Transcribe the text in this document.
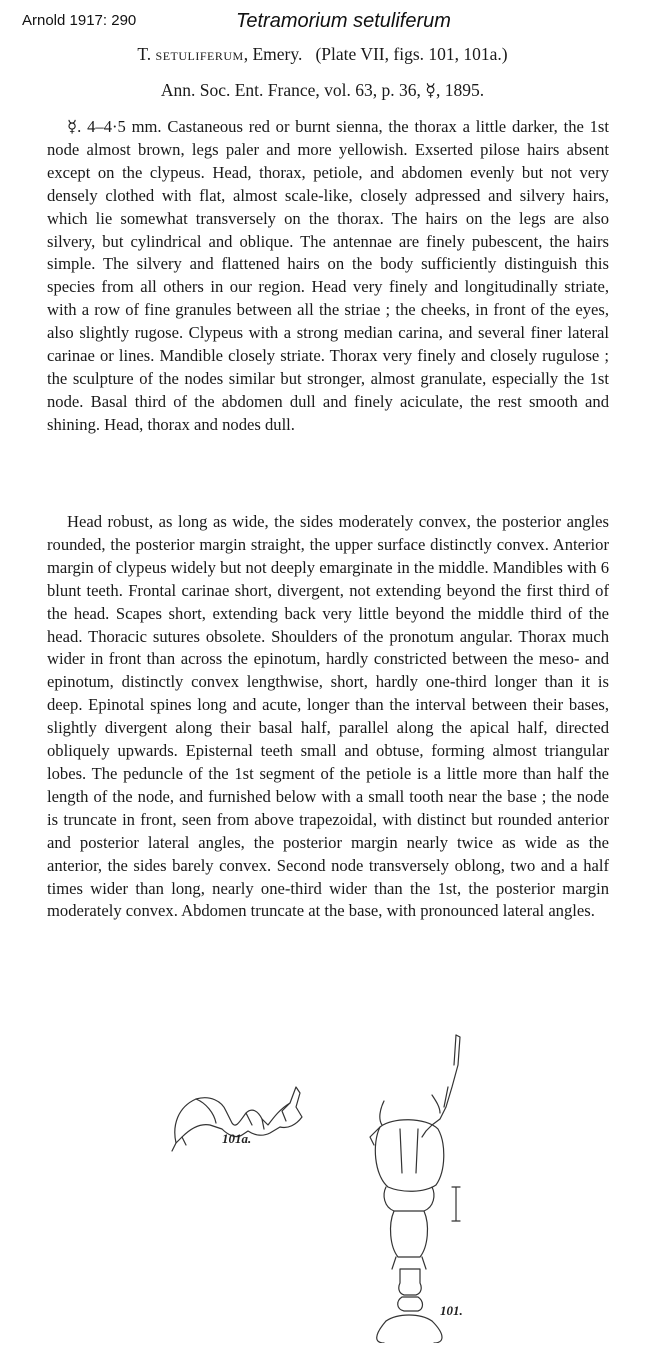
Arnold 1917: 290	Tetramorium setuliferum
T. setuliferum, Emery. (Plate VII, figs. 101, 101a.)
Ann. Soc. Ent. France, vol. 63, p. 36, ☿, 1895.

☿. 4–4·5 mm. Castaneous red or burnt sienna, the thorax a little darker, the 1st node almost brown, legs paler and more yellowish. Exserted pilose hairs absent except on the clypeus. Head, thorax, petiole, and abdomen evenly but not very densely clothed with flat, almost scale-like, closely adpressed and silvery hairs, which lie somewhat transversely on the thorax. The hairs on the legs are also silvery, but cylindrical and oblique. The antennae are finely pubescent, the hairs simple. The silvery and flattened hairs on the body sufficiently distinguish this species from all others in our region. Head very finely and longitudinally striate, with a row of fine granules between all the striae ; the cheeks, in front of the eyes, also slightly rugose. Clypeus with a strong median carina, and several finer lateral carinae or lines. Mandible closely striate. Thorax very finely and closely rugulose ; the sculpture of the nodes similar but stronger, almost granulate, especially the 1st node. Basal third of the abdomen dull and finely aciculate, the rest smooth and shining. Head, thorax and nodes dull.

Head robust, as long as wide, the sides moderately convex, the posterior angles rounded, the posterior margin straight, the upper surface distinctly convex. Anterior margin of clypeus widely but not deeply emarginate in the middle. Mandibles with 6 blunt teeth. Frontal carinae short, divergent, not extending beyond the first third of the head. Scapes short, extending back very little beyond the middle third of the head. Thoracic sutures obsolete. Shoulders of the pronotum angular. Thorax much wider in front than across the epinotum, hardly constricted between the meso- and epinotum, distinctly convex lengthwise, short, hardly one-third longer than it is deep. Epinotal spines long and acute, longer than the interval between their bases, slightly divergent along their basal half, parallel along the apical half, directed obliquely upwards. Episternal teeth small and obtuse, forming almost triangular lobes. The peduncle of the 1st segment of the petiole is a little more than half the length of the node, and furnished below with a small tooth near the base ; the node is truncate in front, seen from above trapezoidal, with distinct but rounded anterior and posterior lateral angles, the posterior margin nearly twice as wide as the anterior, the sides barely convex. Second node transversely oblong, two and a half times wider than long, nearly one-third wider than the 1st, the posterior margin moderately convex. Abdomen truncate at the base, with pronounced lateral angles.

101a.
101.
